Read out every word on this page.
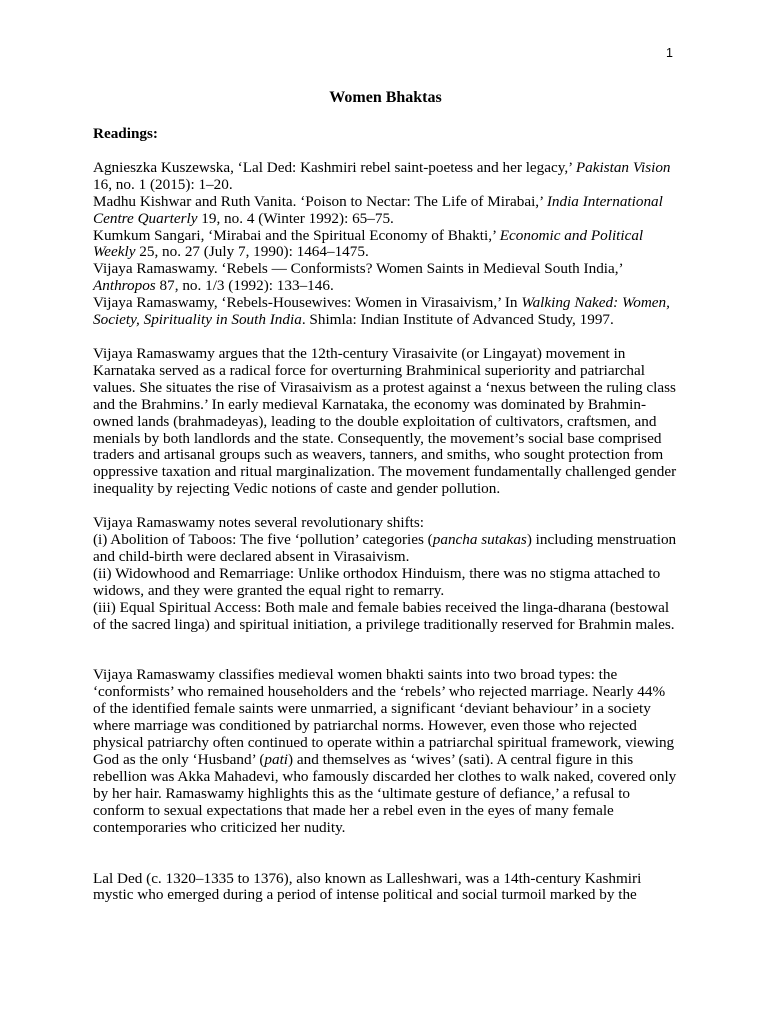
1
Women Bhaktas
Readings:

Agnieszka Kuszewska, ‘Lal Ded: Kashmiri rebel saint-poetess and her legacy,’ Pakistan Vision 16, no. 1 (2015): 1–20.

Madhu Kishwar and Ruth Vanita. ‘Poison to Nectar: The Life of Mirabai,’ India International Centre Quarterly 19, no. 4 (Winter 1992): 65–75.

Kumkum Sangari, ‘Mirabai and the Spiritual Economy of Bhakti,’ Economic and Political Weekly 25, no. 27 (July 7, 1990): 1464–1475.

Vijaya Ramaswamy. ‘Rebels — Conformists? Women Saints in Medieval South India,’ Anthropos 87, no. 1/3 (1992): 133–146.

Vijaya Ramaswamy, ‘Rebels-Housewives: Women in Virasaivism,’ In Walking Naked: Women, Society, Spirituality in South India. Shimla: Indian Institute of Advanced Study, 1997.

Vijaya Ramaswamy argues that the 12th-century Virasaivite (or Lingayat) movement in Karnataka served as a radical force for overturning Brahminical superiority and patriarchal values. She situates the rise of Virasaivism as a protest against a ‘nexus between the ruling class and the Brahmins.’ In early medieval Karnataka, the economy was dominated by Brahmin-owned lands (brahmadeyas), leading to the double exploitation of cultivators, craftsmen, and menials by both landlords and the state. Consequently, the movement’s social base comprised traders and artisanal groups such as weavers, tanners, and smiths, who sought protection from oppressive taxation and ritual marginalization. The movement fundamentally challenged gender inequality by rejecting Vedic notions of caste and gender pollution.

Vijaya Ramaswamy notes several revolutionary shifts:

(i) Abolition of Taboos: The five ‘pollution’ categories (pancha sutakas) including menstruation and child-birth were declared absent in Virasaivism.

(ii) Widowhood and Remarriage: Unlike orthodox Hinduism, there was no stigma attached to widows, and they were granted the equal right to remarry.

(iii) Equal Spiritual Access: Both male and female babies received the linga-dharana (bestowal of the sacred linga) and spiritual initiation, a privilege traditionally reserved for Brahmin males.

Vijaya Ramaswamy classifies medieval women bhakti saints into two broad types: the ‘conformists’ who remained householders and the ‘rebels’ who rejected marriage. Nearly 44% of the identified female saints were unmarried, a significant ‘deviant behaviour’ in a society where marriage was conditioned by patriarchal norms. However, even those who rejected physical patriarchy often continued to operate within a patriarchal spiritual framework, viewing God as the only ‘Husband’ (pati) and themselves as ‘wives’ (sati). A central figure in this rebellion was Akka Mahadevi, who famously discarded her clothes to walk naked, covered only by her hair. Ramaswamy highlights this as the ‘ultimate gesture of defiance,’ a refusal to conform to sexual expectations that made her a rebel even in the eyes of many female contemporaries who criticized her nudity.

Lal Ded (c. 1320–1335 to 1376), also known as Lalleshwari, was a 14th-century Kashmiri mystic who emerged during a period of intense political and social turmoil marked by the
